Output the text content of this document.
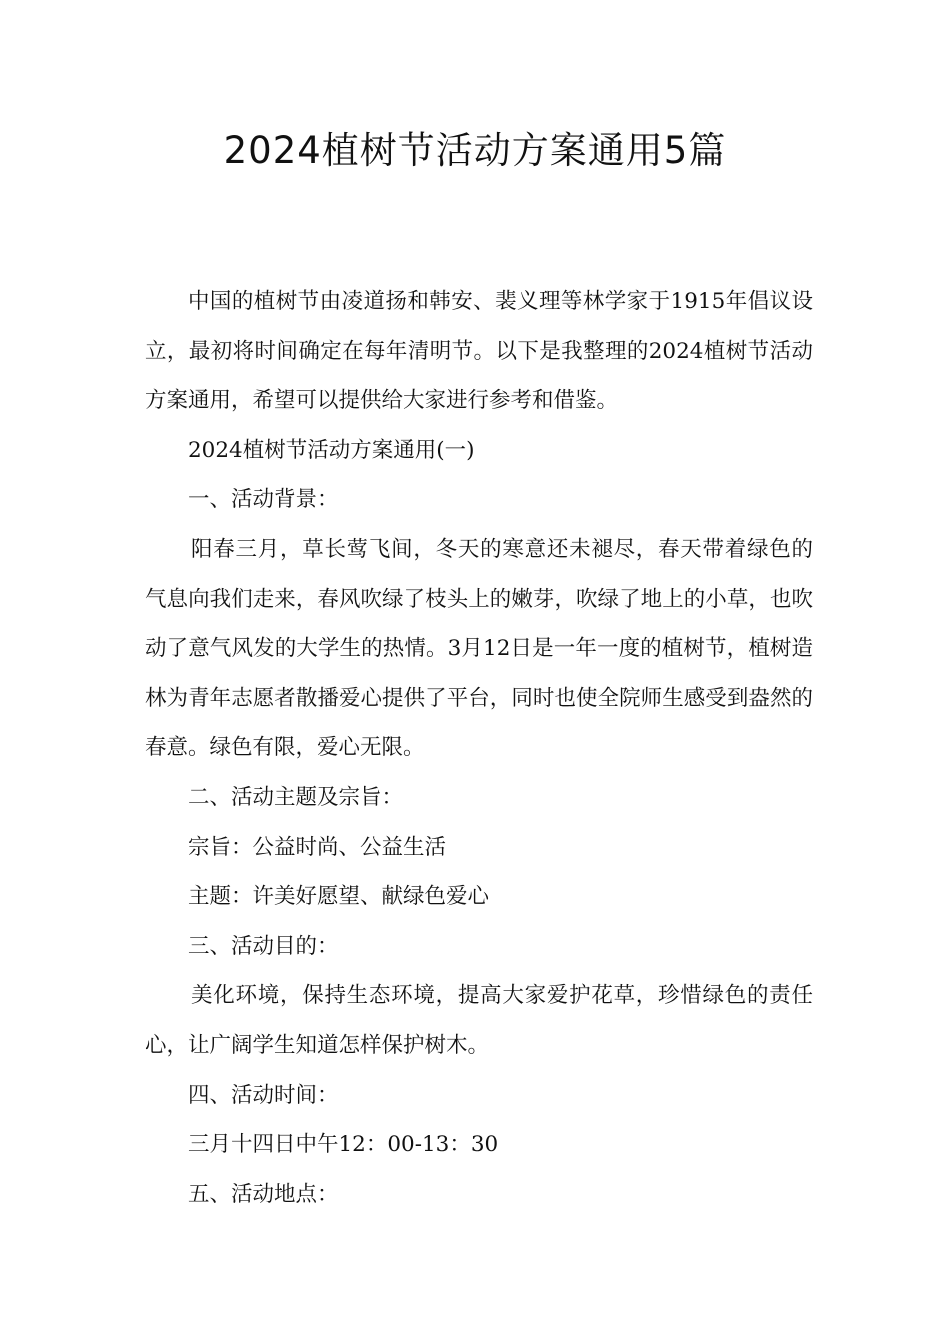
2024植树节活动方案通用5篇

中国的植树节由凌道扬和韩安、裴义理等林学家于1915年倡议设立，最初将时间确定在每年清明节。以下是我整理的2024植树节活动方案通用，希望可以提供给大家进行参考和借鉴。

2024植树节活动方案通用(一)

一、活动背景：

阳春三月，草长莺飞间，冬天的寒意还未褪尽，春天带着绿色的气息向我们走来，春风吹绿了枝头上的嫩芽，吹绿了地上的小草，也吹动了意气风发的大学生的热情。3月12日是一年一度的植树节，植树造林为青年志愿者散播爱心提供了平台，同时也使全院师生感受到盎然的春意。绿色有限，爱心无限。

二、活动主题及宗旨：

宗旨：公益时尚、公益生活

主题：许美好愿望、献绿色爱心

三、活动目的：

美化环境，保持生态环境，提高大家爱护花草，珍惜绿色的责任心，让广阔学生知道怎样保护树木。

四、活动时间：

三月十四日中午12：00-13：30

五、活动地点：
